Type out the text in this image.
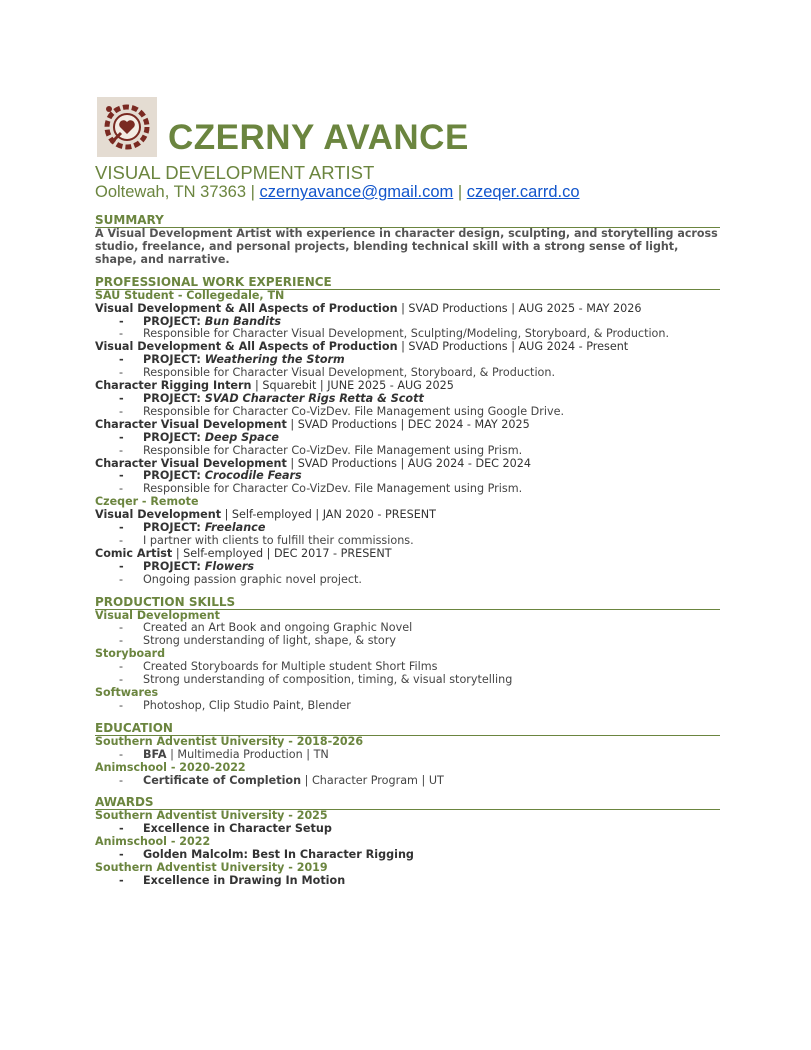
CZERNY AVANCE
VISUAL DEVELOPMENT ARTIST
Ooltewah, TN 37363 | czernyavance@gmail.com | czeqer.carrd.co
SUMMARY
A Visual Development Artist with experience in character design, sculpting, and storytelling across studio, freelance, and personal projects, blending technical skill with a strong sense of light, shape, and narrative.
PROFESSIONAL WORK EXPERIENCE
SAU Student - Collegedale, TN
Visual Development & All Aspects of Production | SVAD Productions | AUG 2025 - MAY 2026
- PROJECT: Bun Bandits
- Responsible for Character Visual Development, Sculpting/Modeling, Storyboard, & Production.
Visual Development & All Aspects of Production | SVAD Productions | AUG 2024 - Present
- PROJECT: Weathering the Storm
- Responsible for Character Visual Development, Storyboard, & Production.
Character Rigging Intern | Squarebit | JUNE 2025 - AUG 2025
- PROJECT: SVAD Character Rigs Retta & Scott
- Responsible for Character Co-VizDev. File Management using Google Drive.
Character Visual Development | SVAD Productions | DEC 2024 - MAY 2025
- PROJECT: Deep Space
- Responsible for Character Co-VizDev. File Management using Prism.
Character Visual Development | SVAD Productions | AUG 2024 - DEC 2024
- PROJECT: Crocodile Fears
- Responsible for Character Co-VizDev. File Management using Prism.
Czeqer - Remote
Visual Development | Self-employed | JAN 2020 - PRESENT
- PROJECT: Freelance
- I partner with clients to fulfill their commissions.
Comic Artist | Self-employed | DEC 2017 - PRESENT
- PROJECT: Flowers
- Ongoing passion graphic novel project.
PRODUCTION SKILLS
Visual Development
- Created an Art Book and ongoing Graphic Novel
- Strong understanding of light, shape, & story
Storyboard
- Created Storyboards for Multiple student Short Films
- Strong understanding of composition, timing, & visual storytelling
Softwares
- Photoshop, Clip Studio Paint, Blender
EDUCATION
Southern Adventist University - 2018-2026
- BFA | Multimedia Production | TN
Animschool - 2020-2022
- Certificate of Completion | Character Program | UT
AWARDS
Southern Adventist University - 2025
- Excellence in Character Setup
Animschool - 2022
- Golden Malcolm: Best In Character Rigging
Southern Adventist University - 2019
- Excellence in Drawing In Motion
